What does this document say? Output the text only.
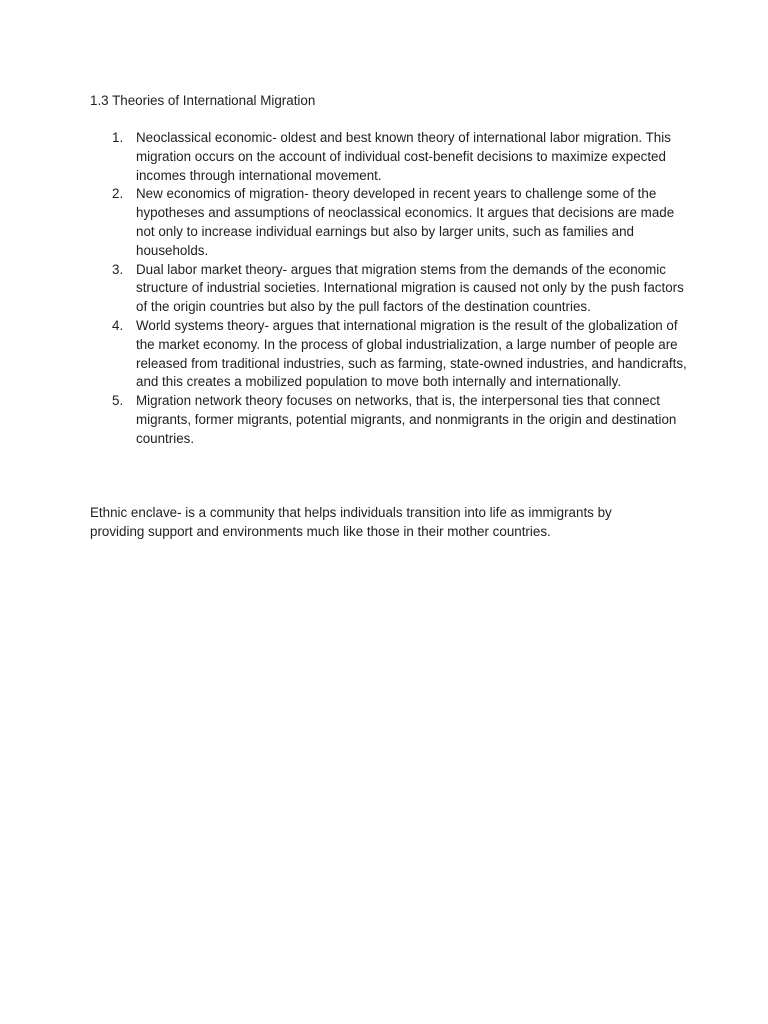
1.3 Theories of International Migration
1. Neoclassical economic- oldest and best known theory of international labor migration. This migration occurs on the account of individual cost-benefit decisions to maximize expected incomes through international movement.
2. New economics of migration- theory developed in recent years to challenge some of the hypotheses and assumptions of neoclassical economics. It argues that decisions are made not only to increase individual earnings but also by larger units, such as families and households.
3. Dual labor market theory- argues that migration stems from the demands of the economic structure of industrial societies. International migration is caused not only by the push factors of the origin countries but also by the pull factors of the destination countries.
4. World systems theory- argues that international migration is the result of the globalization of the market economy. In the process of global industrialization, a large number of people are released from traditional industries, such as farming, state-owned industries, and handicrafts, and this creates a mobilized population to move both internally and internationally.
5. Migration network theory focuses on networks, that is, the interpersonal ties that connect migrants, former migrants, potential migrants, and nonmigrants in the origin and destination countries.

Ethnic enclave- is a community that helps individuals transition into life as immigrants by providing support and environments much like those in their mother countries.
